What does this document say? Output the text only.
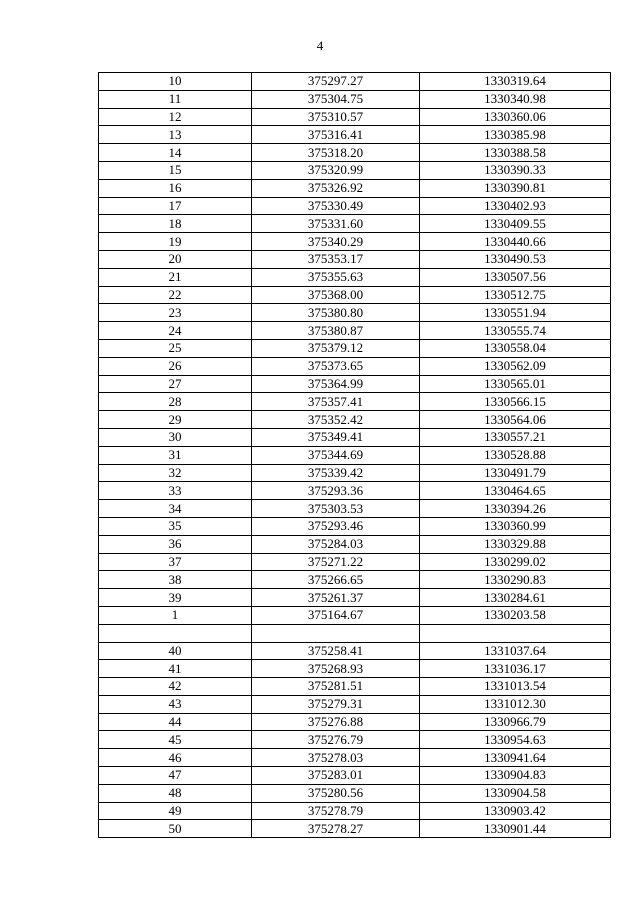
4
10	375297.27	1330319.64
11	375304.75	1330340.98
12	375310.57	1330360.06
13	375316.41	1330385.98
14	375318.20	1330388.58
15	375320.99	1330390.33
16	375326.92	1330390.81
17	375330.49	1330402.93
18	375331.60	1330409.55
19	375340.29	1330440.66
20	375353.17	1330490.53
21	375355.63	1330507.56
22	375368.00	1330512.75
23	375380.80	1330551.94
24	375380.87	1330555.74
25	375379.12	1330558.04
26	375373.65	1330562.09
27	375364.99	1330565.01
28	375357.41	1330566.15
29	375352.42	1330564.06
30	375349.41	1330557.21
31	375344.69	1330528.88
32	375339.42	1330491.79
33	375293.36	1330464.65
34	375303.53	1330394.26
35	375293.46	1330360.99
36	375284.03	1330329.88
37	375271.22	1330299.02
38	375266.65	1330290.83
39	375261.37	1330284.61
1	375164.67	1330203.58

40	375258.41	1331037.64
41	375268.93	1331036.17
42	375281.51	1331013.54
43	375279.31	1331012.30
44	375276.88	1330966.79
45	375276.79	1330954.63
46	375278.03	1330941.64
47	375283.01	1330904.83
48	375280.56	1330904.58
49	375278.79	1330903.42
50	375278.27	1330901.44
